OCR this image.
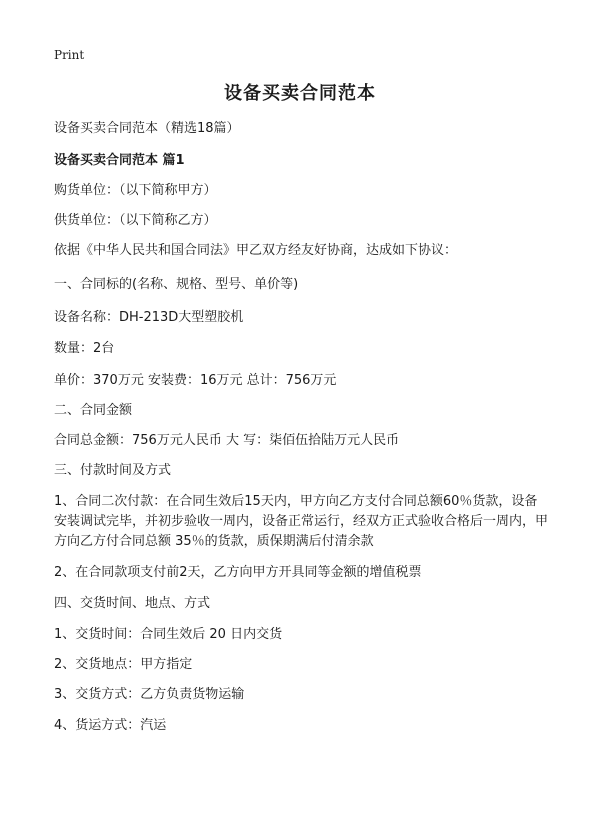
Print
设备买卖合同范本
设备买卖合同范本（精选18篇）
设备买卖合同范本 篇1
购货单位：（以下简称甲方）
供货单位：（以下简称乙方）
依据《中华人民共和国合同法》甲乙双方经友好协商，达成如下协议：
一、合同标的(名称、规格、型号、单价等)
设备名称：DH-213D大型塑胶机
数量：2台
单价：370万元 安装费：16万元 总计：756万元
二、合同金额
合同总金额：756万元人民币 大 写：柒佰伍拾陆万元人民币
三、付款时间及方式
1、合同二次付款：在合同生效后15天内，甲方向乙方支付合同总额60％货款，设备安装调试完毕，并初步验收一周内，设备正常运行，经双方正式验收合格后一周内，甲方向乙方付合同总额 35％的货款，质保期满后付清余款
2、在合同款项支付前2天，乙方向甲方开具同等金额的增值税票
四、交货时间、地点、方式
1、交货时间：合同生效后 20 日内交货
2、交货地点：甲方指定
3、交货方式：乙方负责货物运输
4、货运方式：汽运
